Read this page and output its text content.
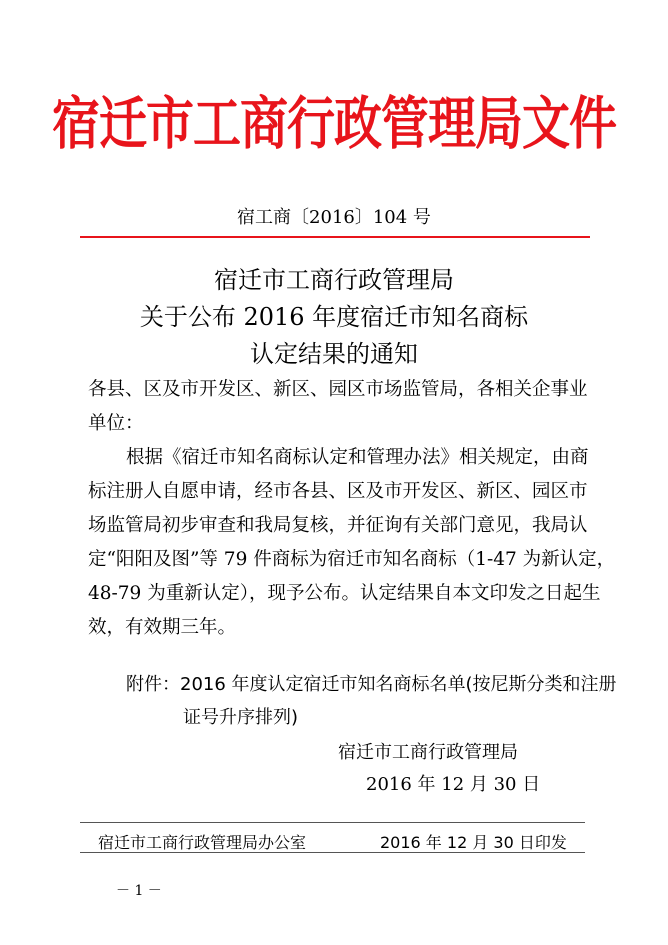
宿迁市工商行政管理局文件
宿工商〔2016〕104 号
宿迁市工商行政管理局
关于公布 2016 年度宿迁市知名商标
认定结果的通知
各县、区及市开发区、新区、园区市场监管局，各相关企事业
单位：
根据《宿迁市知名商标认定和管理办法》相关规定，由商
标注册人自愿申请，经市各县、区及市开发区、新区、园区市
场监管局初步审查和我局复核，并征询有关部门意见，我局认
定“阳阳及图”等 79 件商标为宿迁市知名商标（1-47 为新认定，
48-79 为重新认定），现予公布。认定结果自本文印发之日起生
效，有效期三年。
附件：2016 年度认定宿迁市知名商标名单(按尼斯分类和注册
证号升序排列)
宿迁市工商行政管理局
2016 年 12 月 30 日
宿迁市工商行政管理局办公室	2016 年 12 月 30 日印发
－ 1 －
